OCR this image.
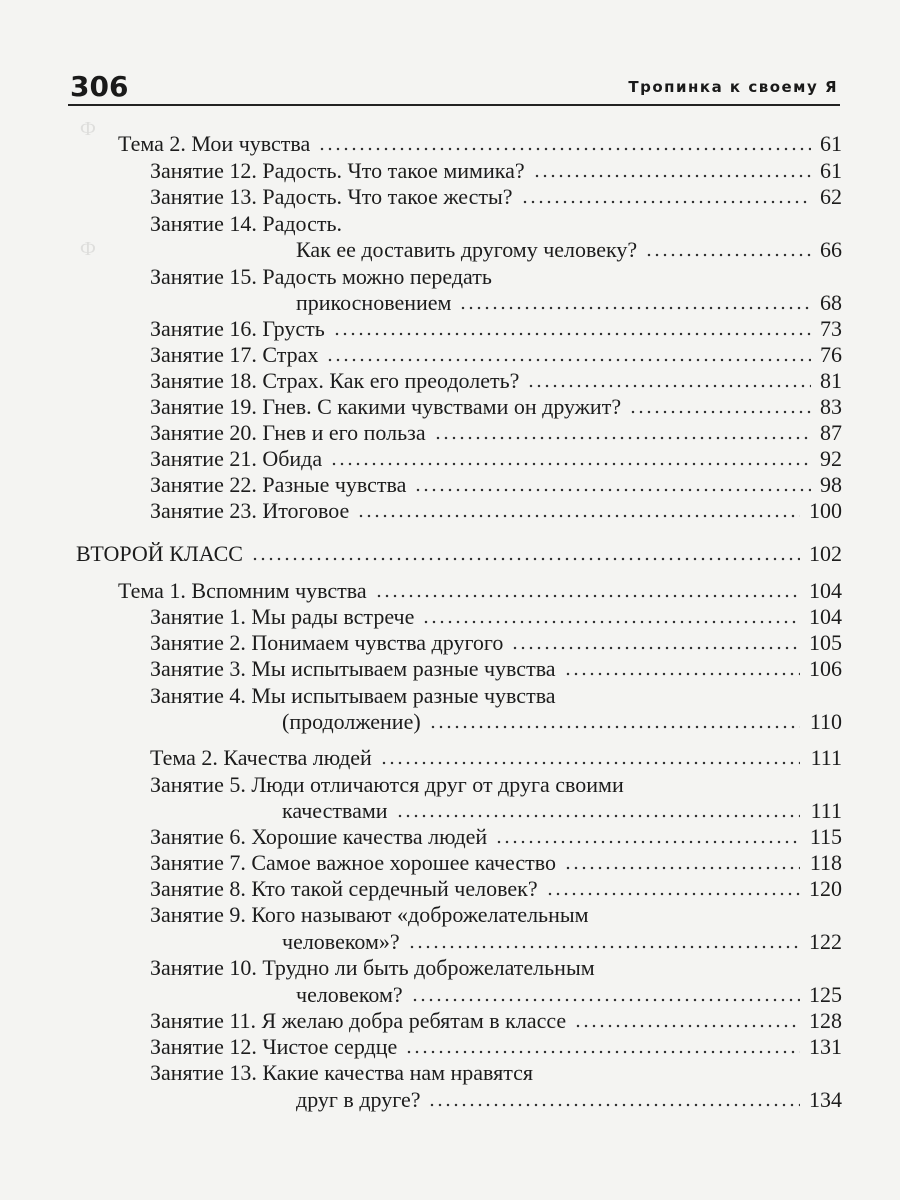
306	Тропинка к своему Я
Ф
Ф
Тема 2. Мои чувства	61
Занятие 12. Радость. Что такое мимика?	61
Занятие 13. Радость. Что такое жесты?	62
Занятие 14. Радость.
Как ее доставить другому человеку?	66
Занятие 15. Радость можно передать
прикосновением	68
Занятие 16. Грусть	73
Занятие 17. Страх	76
Занятие 18. Страх. Как его преодолеть?	81
Занятие 19. Гнев. С какими чувствами он дружит?	83
Занятие 20. Гнев и его польза	87
Занятие 21. Обида	92
Занятие 22. Разные чувства	98
Занятие 23. Итоговое	100
ВТОРОЙ КЛАСС	102
Тема 1. Вспомним чувства	104
Занятие 1. Мы рады встрече	104
Занятие 2. Понимаем чувства другого	105
Занятие 3. Мы испытываем разные чувства	106
Занятие 4. Мы испытываем разные чувства
(продолжение)	110
Тема 2. Качества людей	111
Занятие 5. Люди отличаются друг от друга своими
качествами	111
Занятие 6. Хорошие качества людей	115
Занятие 7. Самое важное хорошее качество	118
Занятие 8. Кто такой сердечный человек?	120
Занятие 9. Кого называют «доброжелательным
человеком»?	122
Занятие 10. Трудно ли быть доброжелательным
человеком?	125
Занятие 11. Я желаю добра ребятам в классе	128
Занятие 12. Чистое сердце	131
Занятие 13. Какие качества нам нравятся
друг в друге?	134
